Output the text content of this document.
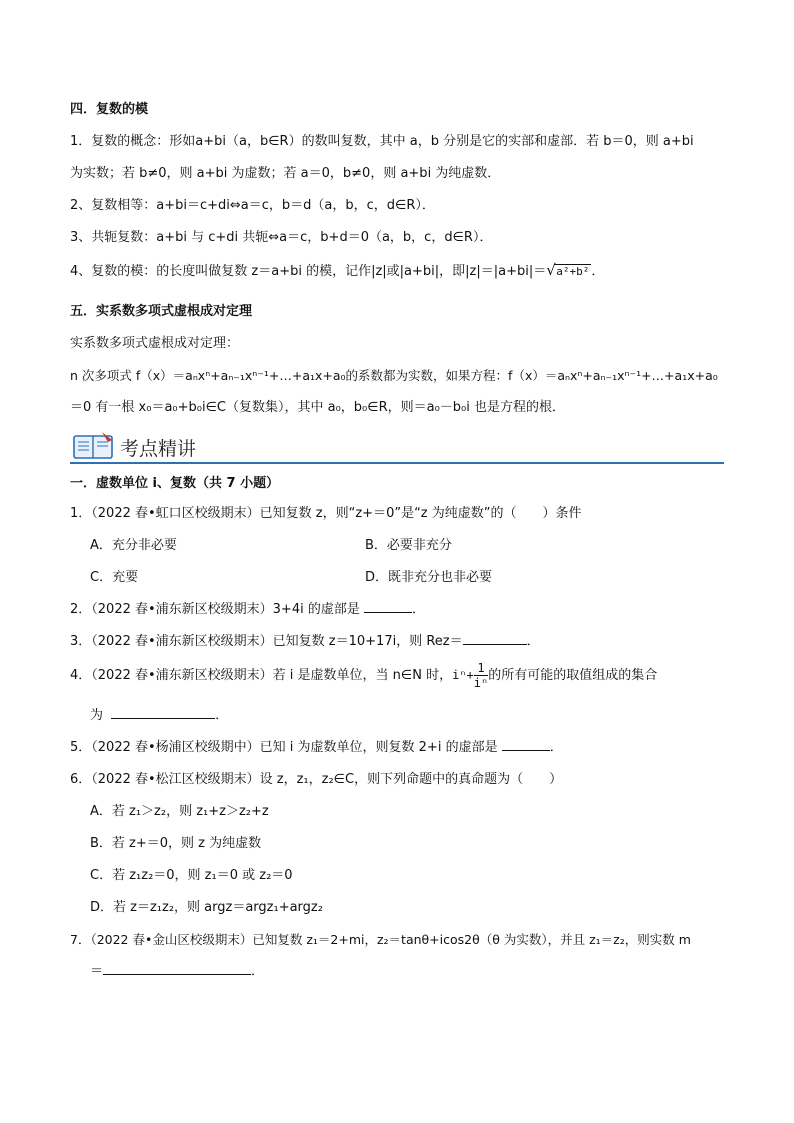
四．复数的模
1．复数的概念：形如a+bi（a，b∈R）的数叫复数，其中 a，b 分别是它的实部和虚部．若 b＝0，则 a+bi
为实数；若 b≠0，则 a+bi 为虚数；若 a＝0，b≠0，则 a+bi 为纯虚数．
2、复数相等：a+bi＝c+di⇔a＝c，b＝d（a，b，c，d∈R）．
3、共轭复数：a+bi 与 c+di 共轭⇔a＝c，b+d＝0（a，b，c，d∈R）．
4、复数的模：的长度叫做复数 z＝a+bi 的模，记作|z|或|a+bi|，即|z|＝|a+bi|＝ √ a²+b² ．
五．实系数多项式虚根成对定理
实系数多项式虚根成对定理：
n 次多项式 f（x）＝aₙxⁿ+aₙ₋₁xⁿ⁻¹+…+a₁x+a₀的系数都为实数，如果方程：f（x）＝aₙxⁿ+aₙ₋₁xⁿ⁻¹+…+a₁x+a₀
＝0 有一根 x₀＝a₀+b₀i∈C（复数集），其中 a₀，b₀∈R，则＝a₀－b₀i 也是方程的根．
考点精讲
一．虚数单位 i、复数（共 7 小题）
1．（2022 春•虹口区校级期末）已知复数 z，则“z+＝0”是“z 为纯虚数”的（　　）条件
A．充分非必要	B．必要非充分
C．充要	D．既非充分也非必要
2．（2022 春•浦东新区校级期末）3+4i 的虚部是	．
3．（2022 春•浦东新区校级期末）已知复数 z＝10+17i，则 Rez＝	．
4．（2022 春•浦东新区校级期末）若 i 是虚数单位，当 n∈N 时，$i^n+ \frac{1}{\text{iⁿ}}$ 的所有可能的取值组成的集合
为	．
5．（2022 春•杨浦区校级期中）已知 i 为虚数单位，则复数 2+i 的虚部是	．
6．（2022 春•松江区校级期末）设 z，z₁，z₂∈C，则下列命题中的真命题为（　　）
A．若 z₁＞z₂，则 z₁+z＞z₂+z
B．若 z+＝0，则 z 为纯虚数
C．若 z₁z₂＝0，则 z₁＝0 或 z₂＝0
D．若 z＝z₁z₂，则 argz＝argz₁+argz₂
7．（2022 春•金山区校级期末）已知复数 z₁＝2+mi，z₂＝tanθ+icos2θ（θ 为实数），并且 z₁＝z₂，则实数 m
＝	．
